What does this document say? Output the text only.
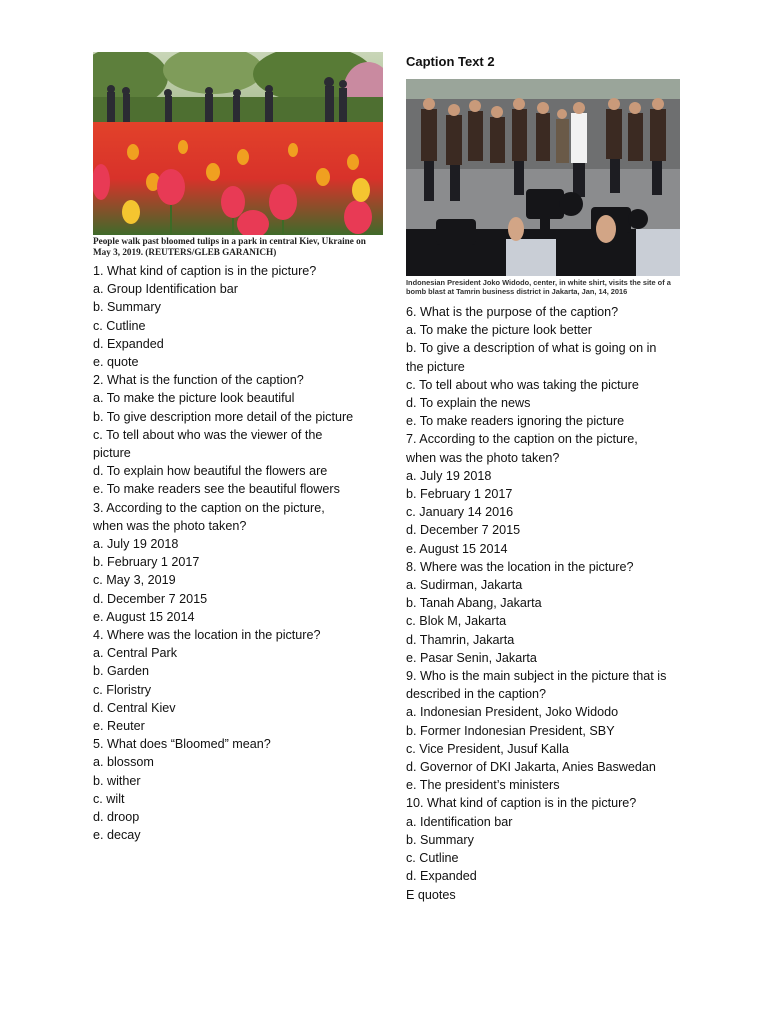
People walk past bloomed tulips in a park in central Kiev, Ukraine on May 3, 2019. (REUTERS/GLEB GARANICH)
Caption Text 2
Indonesian President Joko Widodo, center, in white shirt, visits the site of a bomb blast at Tamrin business district in Jakarta, Jan, 14, 2016
1. What kind of caption is in the picture?
a. Group Identification bar
b. Summary
c. Cutline
d. Expanded
e. quote
2. What is the function of the caption?
a. To make the picture look beautiful
b. To give description more detail of the picture
c. To tell about who was the viewer of the
picture
d. To explain how beautiful the flowers are
e. To make readers see the beautiful flowers
3. According to the caption on the picture,
when was the photo taken?
a. July 19 2018
b. February 1 2017
c. May 3, 2019
d. December 7 2015
e. August 15 2014
4. Where was the location in the picture?
a. Central Park
b. Garden
c. Floristry
d. Central Kiev
e. Reuter
5. What does “Bloomed” mean?
a. blossom
b. wither
c. wilt
d. droop
e. decay
6. What is the purpose of the caption?
a. To make the picture look better
b. To give a description of what is going on in
the picture
c. To tell about who was taking the picture
d. To explain the news
e. To make readers ignoring the picture
7. According to the caption on the picture,
when was the photo taken?
a. July 19 2018
b. February 1 2017
c. January 14 2016
d. December 7 2015
e. August 15 2014
8. Where was the location in the picture?
a. Sudirman, Jakarta
b. Tanah Abang, Jakarta
c. Blok M, Jakarta
d. Thamrin, Jakarta
e. Pasar Senin, Jakarta
9. Who is the main subject in the picture that is
described in the caption?
a. Indonesian President, Joko Widodo
b. Former Indonesian President, SBY
c. Vice President, Jusuf Kalla
d. Governor of DKI Jakarta, Anies Baswedan
e. The president’s ministers
10. What kind of caption is in the picture?
a. Identification bar
b. Summary
c. Cutline
d. Expanded
E quotes
